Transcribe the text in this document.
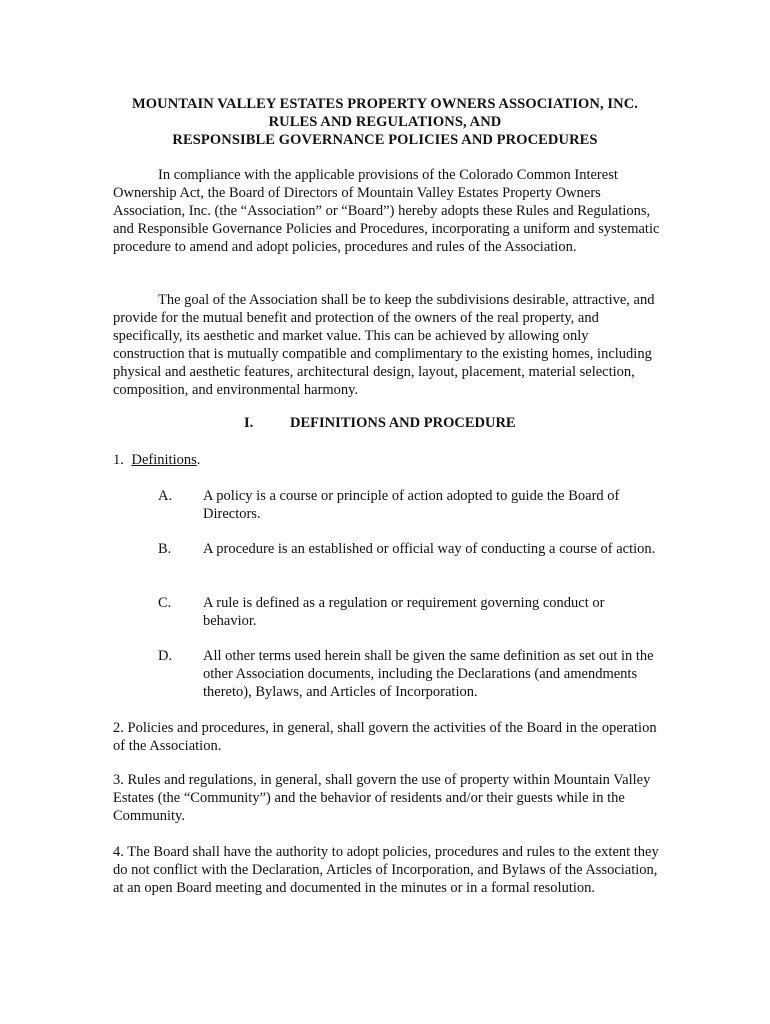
MOUNTAIN VALLEY ESTATES PROPERTY OWNERS ASSOCIATION, INC.
RULES AND REGULATIONS, AND
RESPONSIBLE GOVERNANCE POLICIES AND PROCEDURES

In compliance with the applicable provisions of the Colorado Common Interest Ownership Act, the Board of Directors of Mountain Valley Estates Property Owners Association, Inc. (the “Association” or “Board”) hereby adopts these Rules and Regulations, and Responsible Governance Policies and Procedures, incorporating a uniform and systematic procedure to amend and adopt policies, procedures and rules of the Association.

The goal of the Association shall be to keep the subdivisions desirable, attractive, and provide for the mutual benefit and protection of the owners of the real property, and specifically, its aesthetic and market value. This can be achieved by allowing only construction that is mutually compatible and complimentary to the existing homes, including physical and aesthetic features, architectural design, layout, placement, material selection, composition, and environmental harmony.

I.	DEFINITIONS AND PROCEDURE
1. Definitions.
A. A policy is a course or principle of action adopted to guide the Board of Directors.

B. A procedure is an established or official way of conducting a course of action.

C. A rule is defined as a regulation or requirement governing conduct or behavior.

D. All other terms used herein shall be given the same definition as set out in the other Association documents, including the Declarations (and amendments thereto), Bylaws, and Articles of Incorporation.

2. Policies and procedures, in general, shall govern the activities of the Board in the operation of the Association.

3. Rules and regulations, in general, shall govern the use of property within Mountain Valley Estates (the “Community”) and the behavior of residents and/or their guests while in the Community.

4. The Board shall have the authority to adopt policies, procedures and rules to the extent they do not conflict with the Declaration, Articles of Incorporation, and Bylaws of the Association, at an open Board meeting and documented in the minutes or in a formal resolution.
